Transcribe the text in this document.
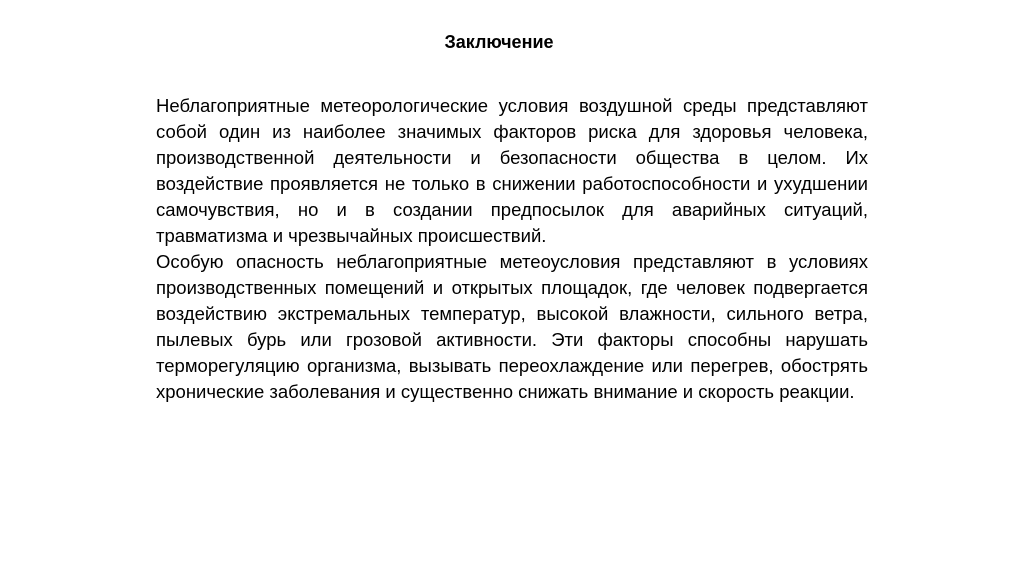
Заключение

Неблагоприятные метеорологические условия воздушной среды представляют собой один из наиболее значимых факторов риска для здоровья человека, производственной деятельности и безопасности общества в целом. Их воздействие проявляется не только в снижении работоспособности и ухудшении самочувствия, но и в создании предпосылок для аварийных ситуаций, травматизма и чрезвычайных происшествий.

Особую опасность неблагоприятные метеоусловия представляют в условиях производственных помещений и открытых площадок, где человек подвергается воздействию экстремальных температур, высокой влажности, сильного ветра, пылевых бурь или грозовой активности. Эти факторы способны нарушать терморегуляцию организма, вызывать переохлаждение или перегрев, обострять хронические заболевания и существенно снижать внимание и скорость реакции.
